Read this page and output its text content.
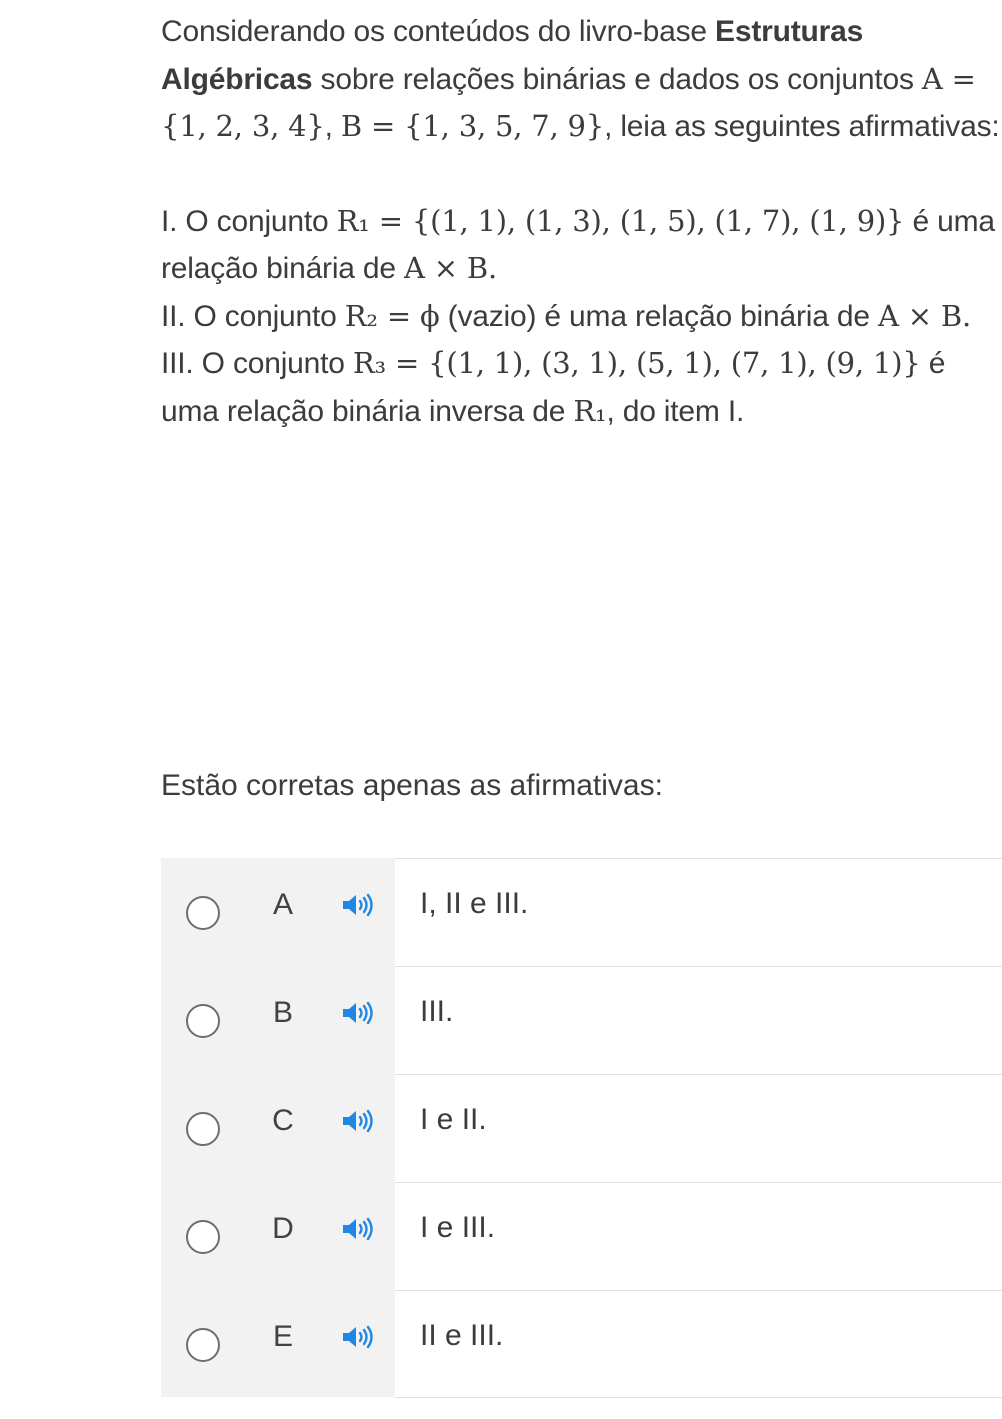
Considerando os conteúdos do livro-base Estruturas Algébricas sobre relações binárias e dados os conjuntos A = {1, 2, 3, 4}, B = {1, 3, 5, 7, 9}, leia as seguintes afirmativas:

I. O conjunto R₁ = {(1, 1), (1, 3), (1, 5), (1, 7), (1, 9)} é uma relação binária de A × B.

II. O conjunto R₂ = ϕ (vazio) é uma relação binária de A × B.

III. O conjunto R₃ = {(1, 1), (3, 1), (5, 1), (7, 1), (9, 1)} é uma relação binária inversa de R₁, do item I.

Estão corretas apenas as afirmativas:

A	I, II e III.
B	III.
C	I e II.
D	I e III.
E	II e III.
